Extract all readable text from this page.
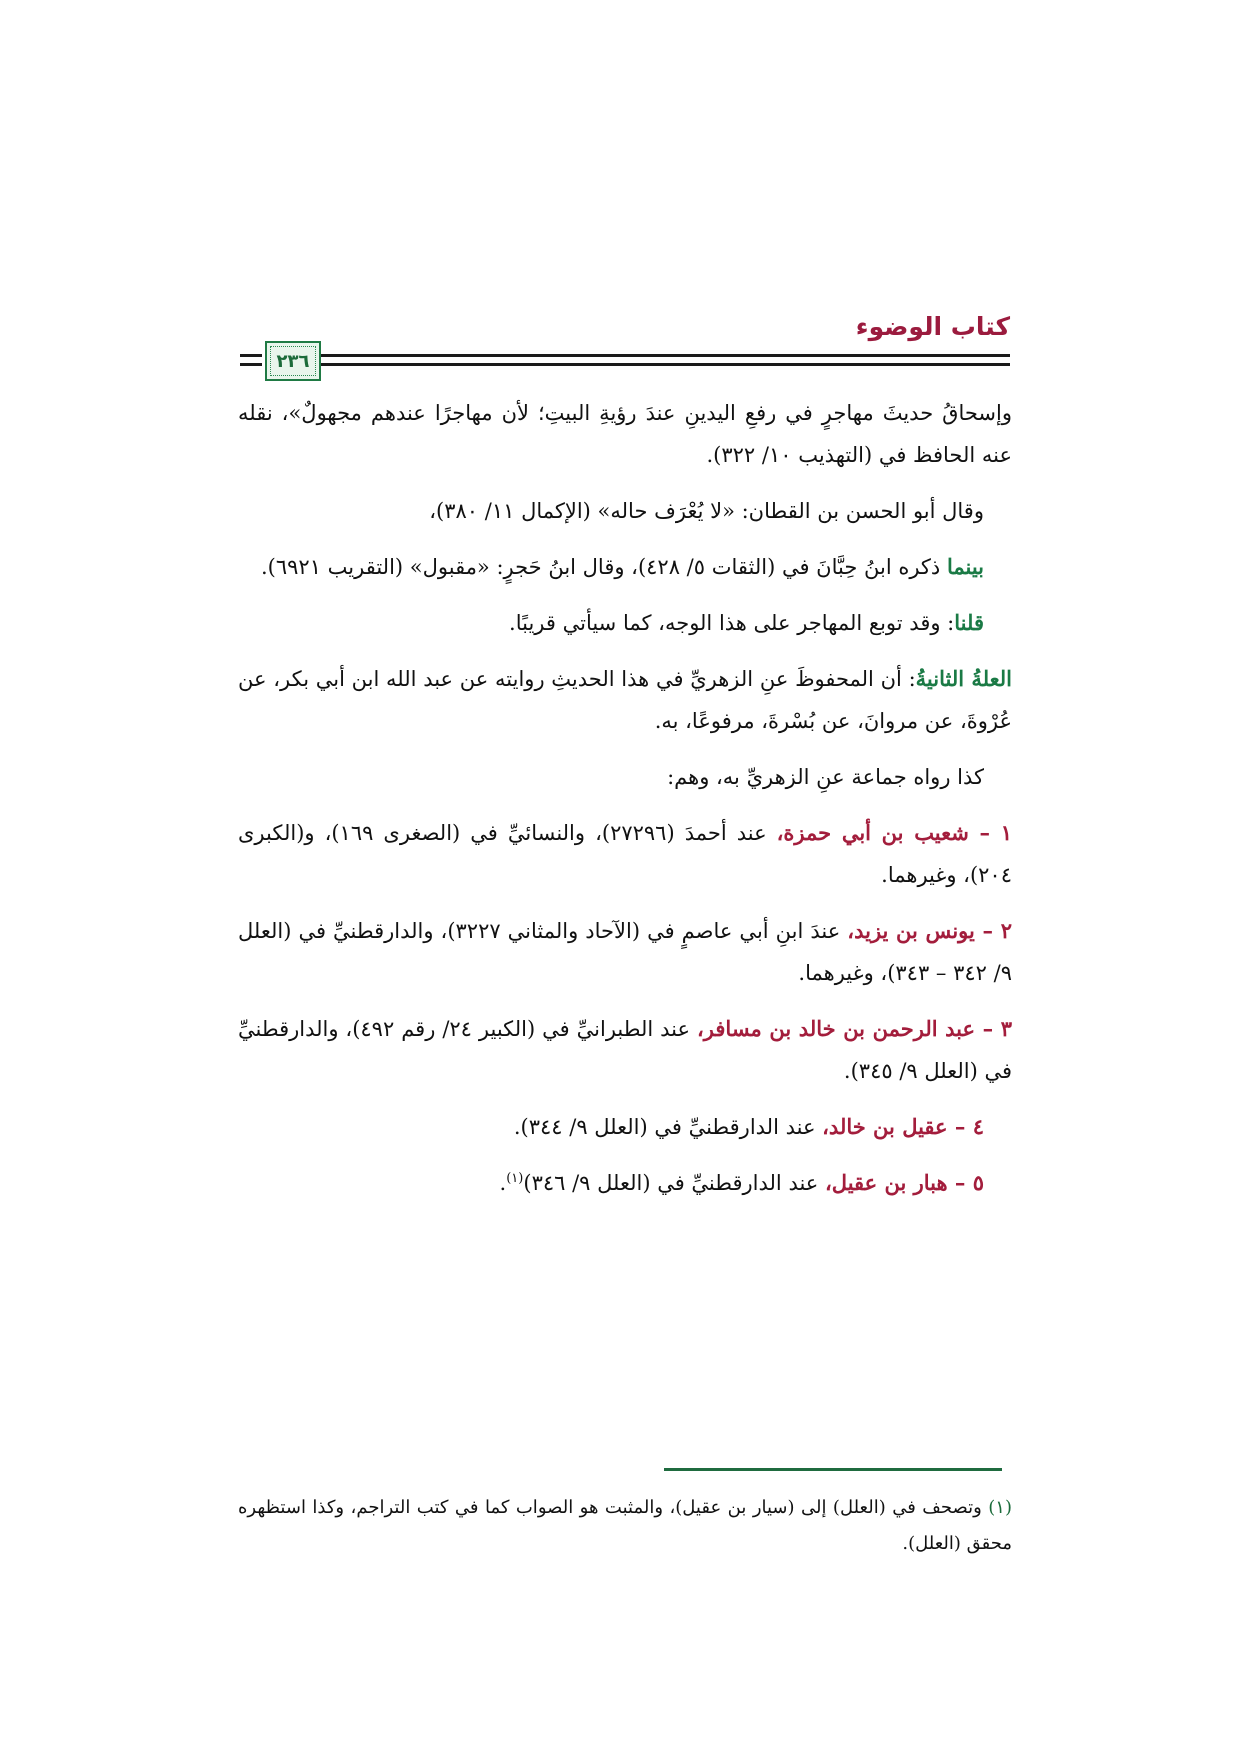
كتاب الوضوء
٢٣٦

وإسحاقُ حديثَ مهاجرٍ في رفعِ اليدينِ عندَ رؤيةِ البيتِ؛ لأن مهاجرًا عندهم مجهولٌ»، نقله عنه الحافظ في (التهذيب ١٠/ ٣٢٢).

وقال أبو الحسن بن القطان: «لا يُعْرَف حاله» (الإكمال ١١/ ٣٨٠)،

بينما ذكره ابنُ حِبَّانَ في (الثقات ٥/ ٤٢٨)، وقال ابنُ حَجرٍ: «مقبول» (التقريب ٦٩٢١).

قلنا: وقد توبع المهاجر على هذا الوجه، كما سيأتي قريبًا.

العلةُ الثانيةُ: أن المحفوظَ عنِ الزهريِّ في هذا الحديثِ روايته عن عبد الله ابن أبي بكر، عن عُرْوةَ، عن مروانَ، عن بُسْرةَ، مرفوعًا، به.

كذا رواه جماعة عنِ الزهريِّ به، وهم:

١ – شعيب بن أبي حمزة، عند أحمدَ (٢٧٢٩٦)، والنسائيِّ في (الصغرى ١٦٩)، و(الكبرى ٢٠٤)، وغيرهما.

٢ – يونس بن يزيد، عندَ ابنِ أبي عاصمٍ في (الآحاد والمثاني ٣٢٢٧)، والدارقطنيِّ في (العلل ٩/ ٣٤٢ – ٣٤٣)، وغيرهما.

٣ – عبد الرحمن بن خالد بن مسافر، عند الطبرانيِّ في (الكبير ٢٤/ رقم ٤٩٢)، والدارقطنيِّ في (العلل ٩/ ٣٤٥).

٤ – عقيل بن خالد، عند الدارقطنيِّ في (العلل ٩/ ٣٤٤).

٥ – هبار بن عقيل، عند الدارقطنيِّ في (العلل ٩/ ٣٤٦)$^{(١)}$.

(١) وتصحف في (العلل) إلى (سيار بن عقيل)، والمثبت هو الصواب كما في كتب التراجم، وكذا استظهره محقق (العلل).
